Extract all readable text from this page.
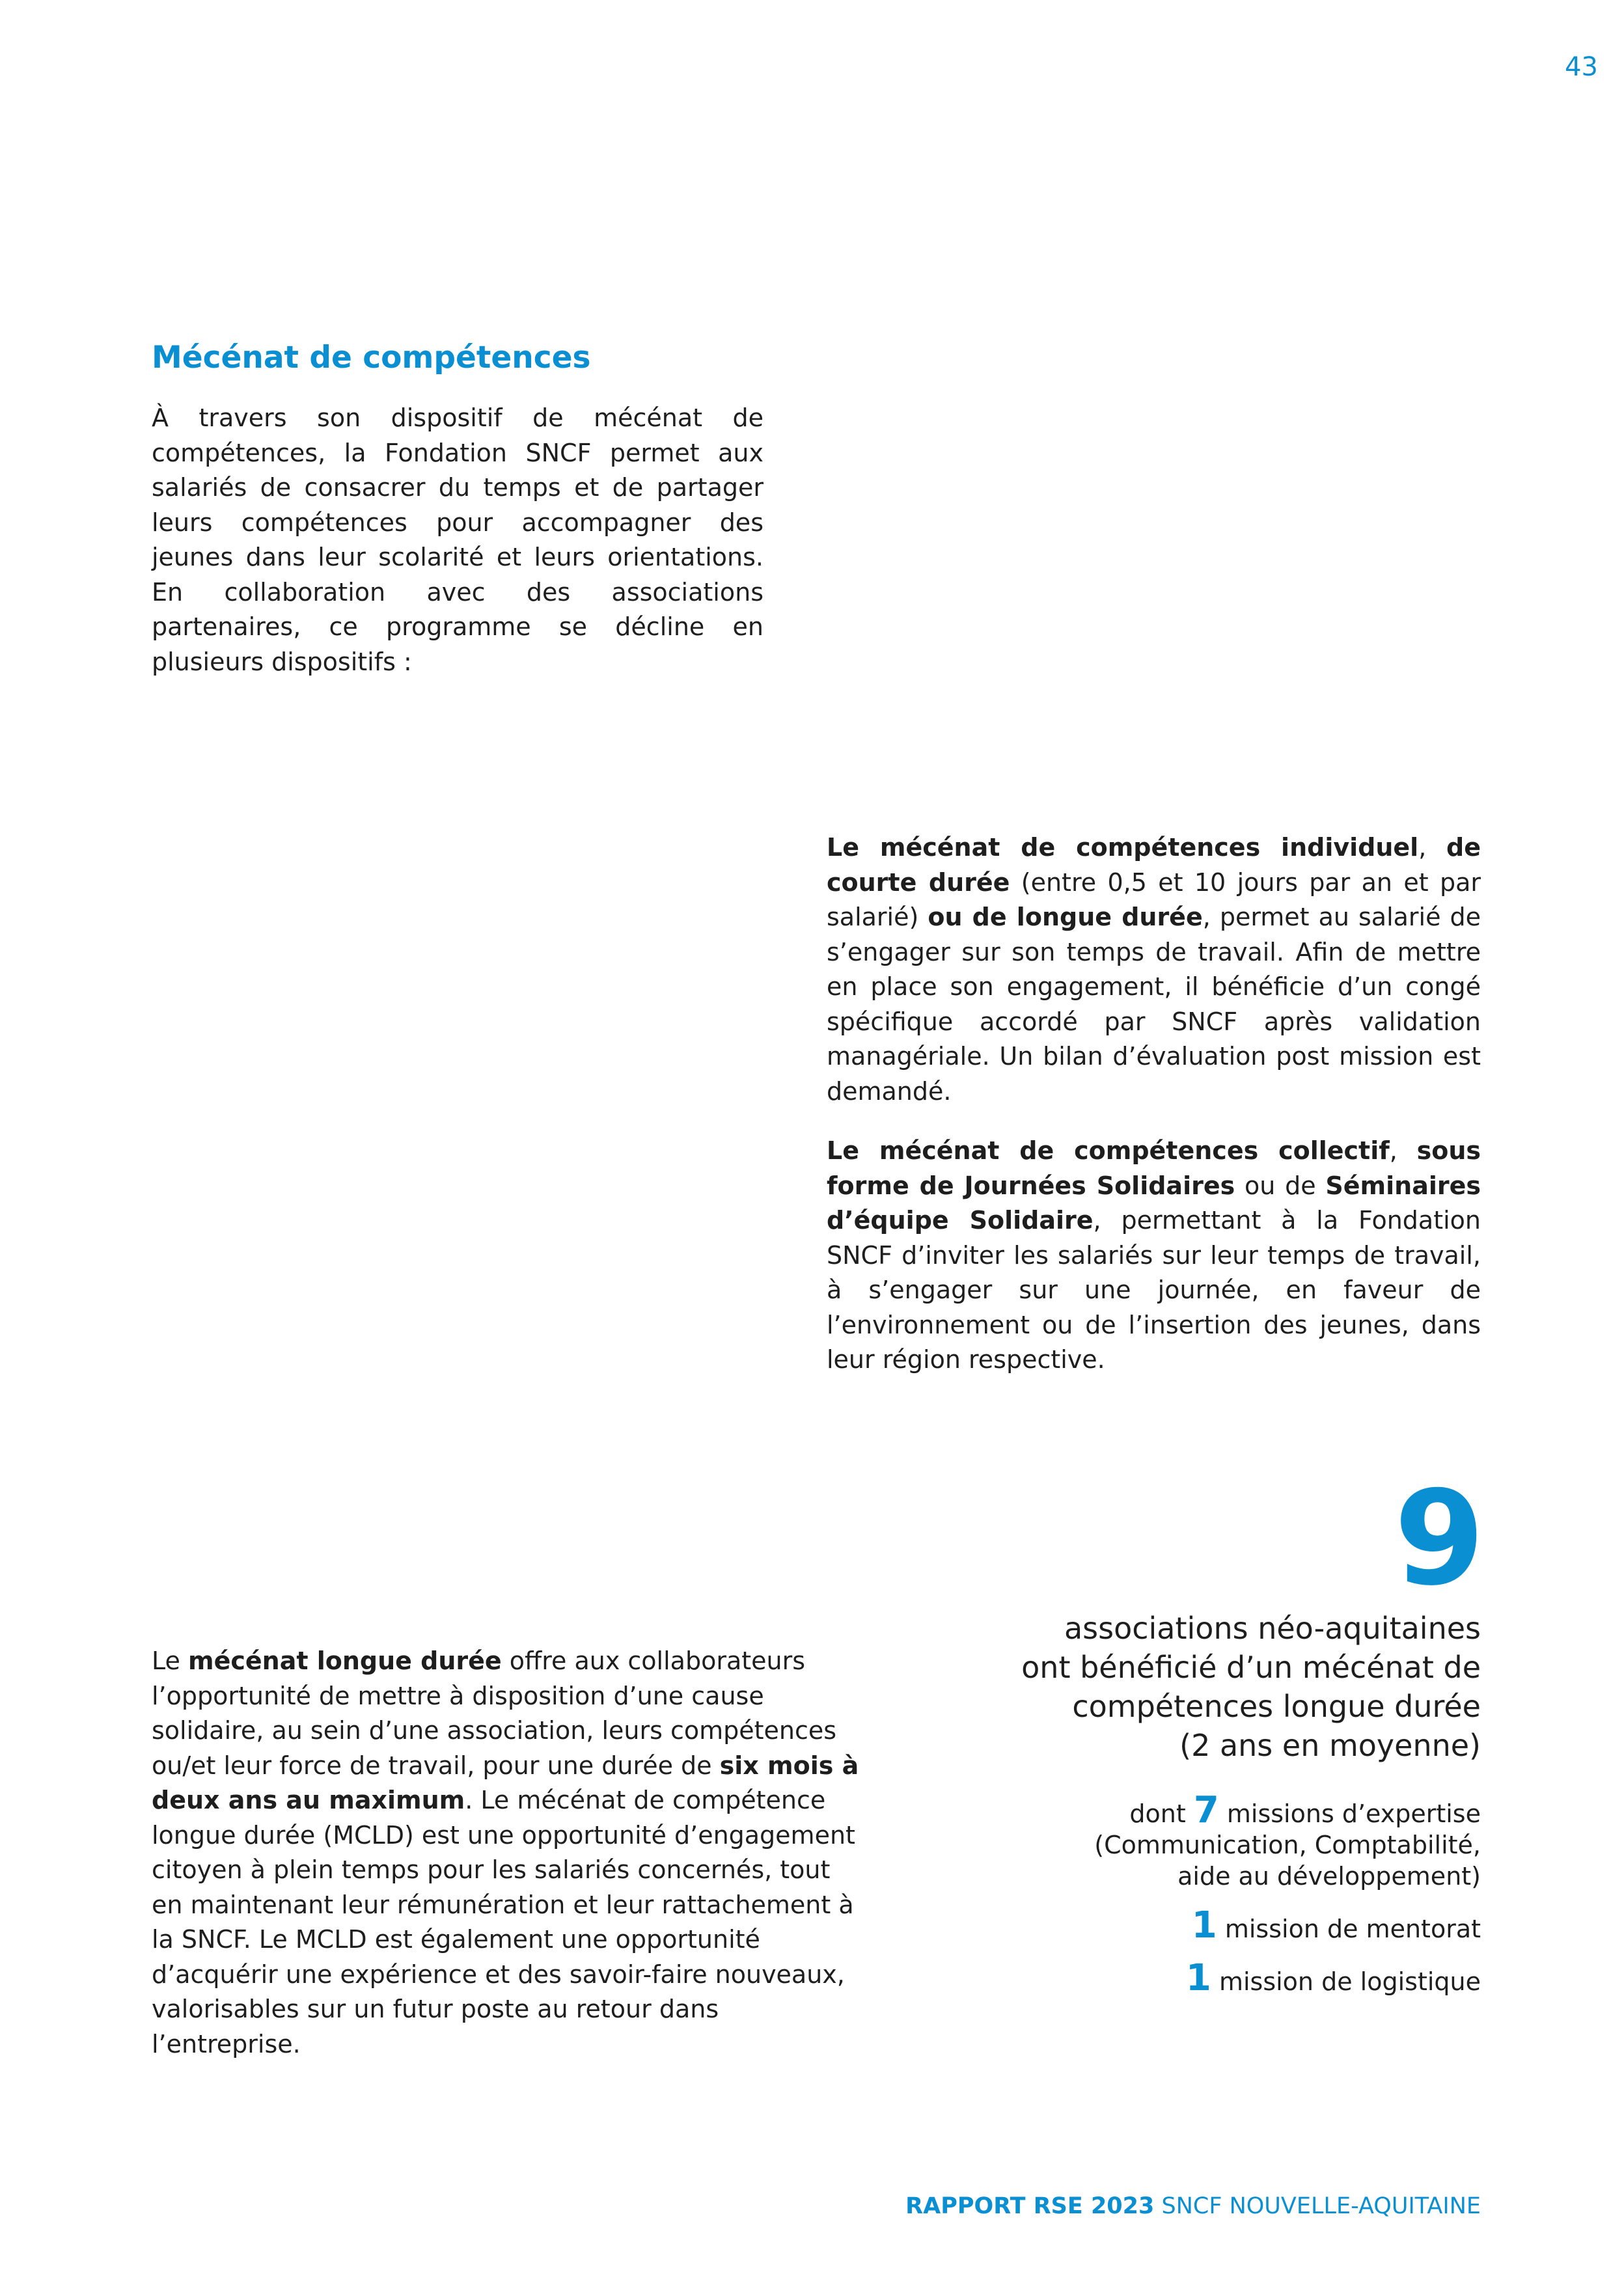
43
Mécénat de compétences

À travers son dispositif de mécénat de compétences, la Fondation SNCF permet aux salariés de consacrer du temps et de partager leurs compétences pour accompagner des jeunes dans leur scolarité et leurs orientations. En collaboration avec des associations partenaires, ce programme se décline en plusieurs dispositifs :

Le mécénat de compétences individuel, de courte durée (entre 0,5 et 10 jours par an et par salarié) ou de longue durée, permet au salarié de s’engager sur son temps de travail. Afin de mettre en place son engagement, il bénéficie d’un congé spécifique accordé par SNCF après validation managériale. Un bilan d’évaluation post mission est demandé.

Le mécénat de compétences collectif, sous forme de Journées Solidaires ou de Séminaires d’équipe Solidaire, permettant à la Fondation SNCF d’inviter les salariés sur leur temps de travail, à s’engager sur une journée, en faveur de l’environnement ou de l’insertion des jeunes, dans leur région respective.

Le mécénat longue durée offre aux collaborateurs l’opportunité de mettre à disposition d’une cause solidaire, au sein d’une association, leurs compétences ou/et leur force de travail, pour une durée de six mois à deux ans au maximum. Le mécénat de compétence longue durée (MCLD) est une opportunité d’engagement citoyen à plein temps pour les salariés concernés, tout en maintenant leur rémunération et leur rattachement à la SNCF. Le MCLD est également une opportunité d’acquérir une expérience et des savoir-faire nouveaux, valorisables sur un futur poste au retour dans l’entreprise.

9
associations néo-aquitaines
ont bénéficié d’un mécénat de
compétences longue durée
(2 ans en moyenne)
dont 7 missions d’expertise
(Communication, Comptabilité,
aide au développement)
1 mission de mentorat
1 mission de logistique
RAPPORT RSE 2023 SNCF NOUVELLE-AQUITAINE
